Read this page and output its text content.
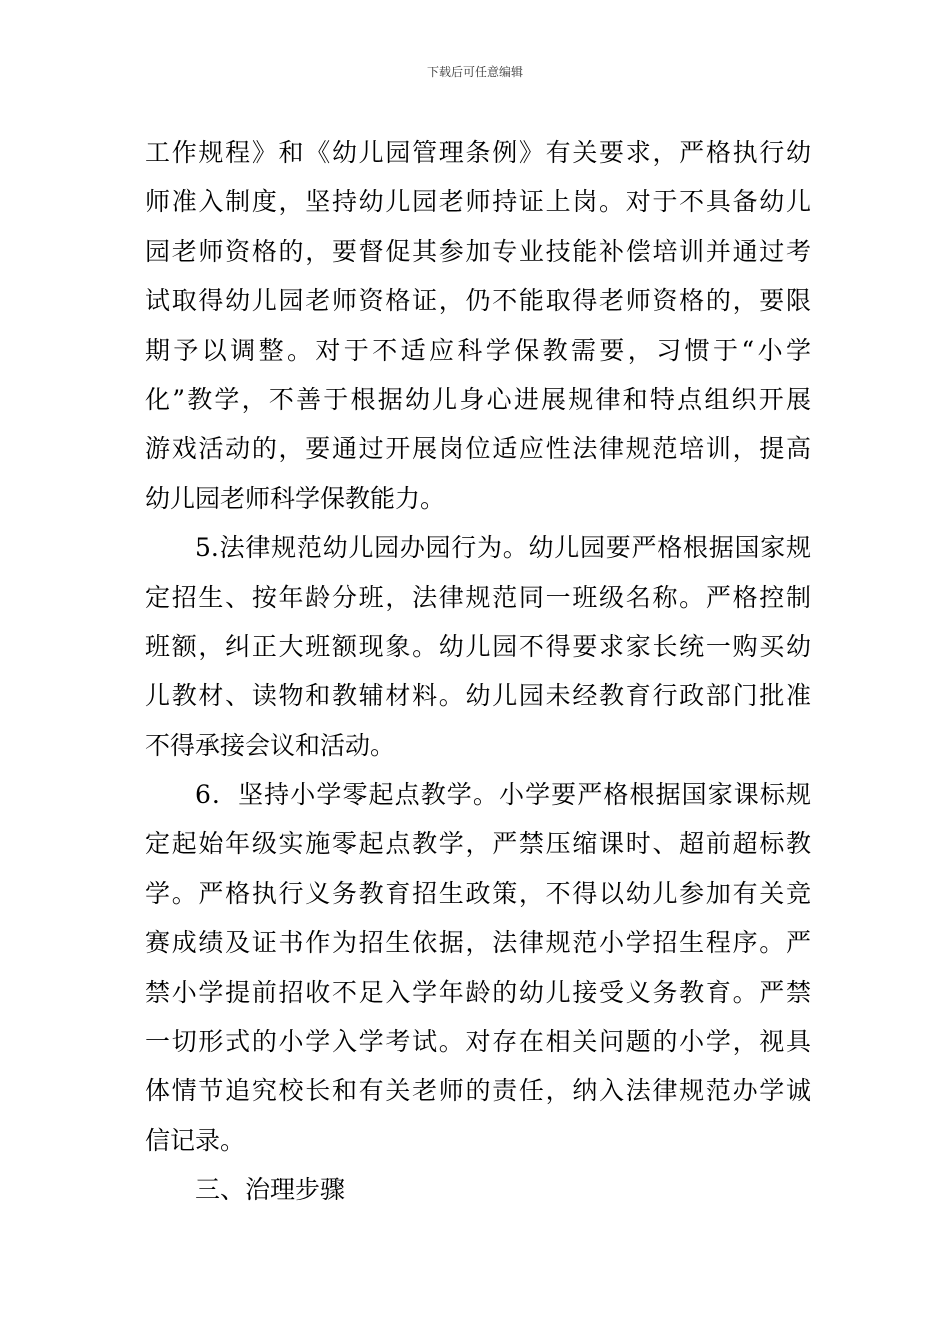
下载后可任意编辑
工作规程》和《幼儿园管理条例》有关要求，严格执行幼
师准入制度，坚持幼儿园老师持证上岗。对于不具备幼儿
园老师资格的，要督促其参加专业技能补偿培训并通过考
试取得幼儿园老师资格证，仍不能取得老师资格的，要限
期予以调整。对于不适应科学保教需要，习惯于“小学
化”教学，不善于根据幼儿身心进展规律和特点组织开展
游戏活动的，要通过开展岗位适应性法律规范培训，提高
幼儿园老师科学保教能力。
5.法律规范幼儿园办园行为。幼儿园要严格根据国家规
定招生、按年龄分班，法律规范同一班级名称。严格控制
班额，纠正大班额现象。幼儿园不得要求家长统一购买幼
儿教材、读物和教辅材料。幼儿园未经教育行政部门批准
不得承接会议和活动。
6．坚持小学零起点教学。小学要严格根据国家课标规
定起始年级实施零起点教学，严禁压缩课时、超前超标教
学。严格执行义务教育招生政策，不得以幼儿参加有关竞
赛成绩及证书作为招生依据，法律规范小学招生程序。严
禁小学提前招收不足入学年龄的幼儿接受义务教育。严禁
一切形式的小学入学考试。对存在相关问题的小学，视具
体情节追究校长和有关老师的责任，纳入法律规范办学诚
信记录。
三、治理步骤
